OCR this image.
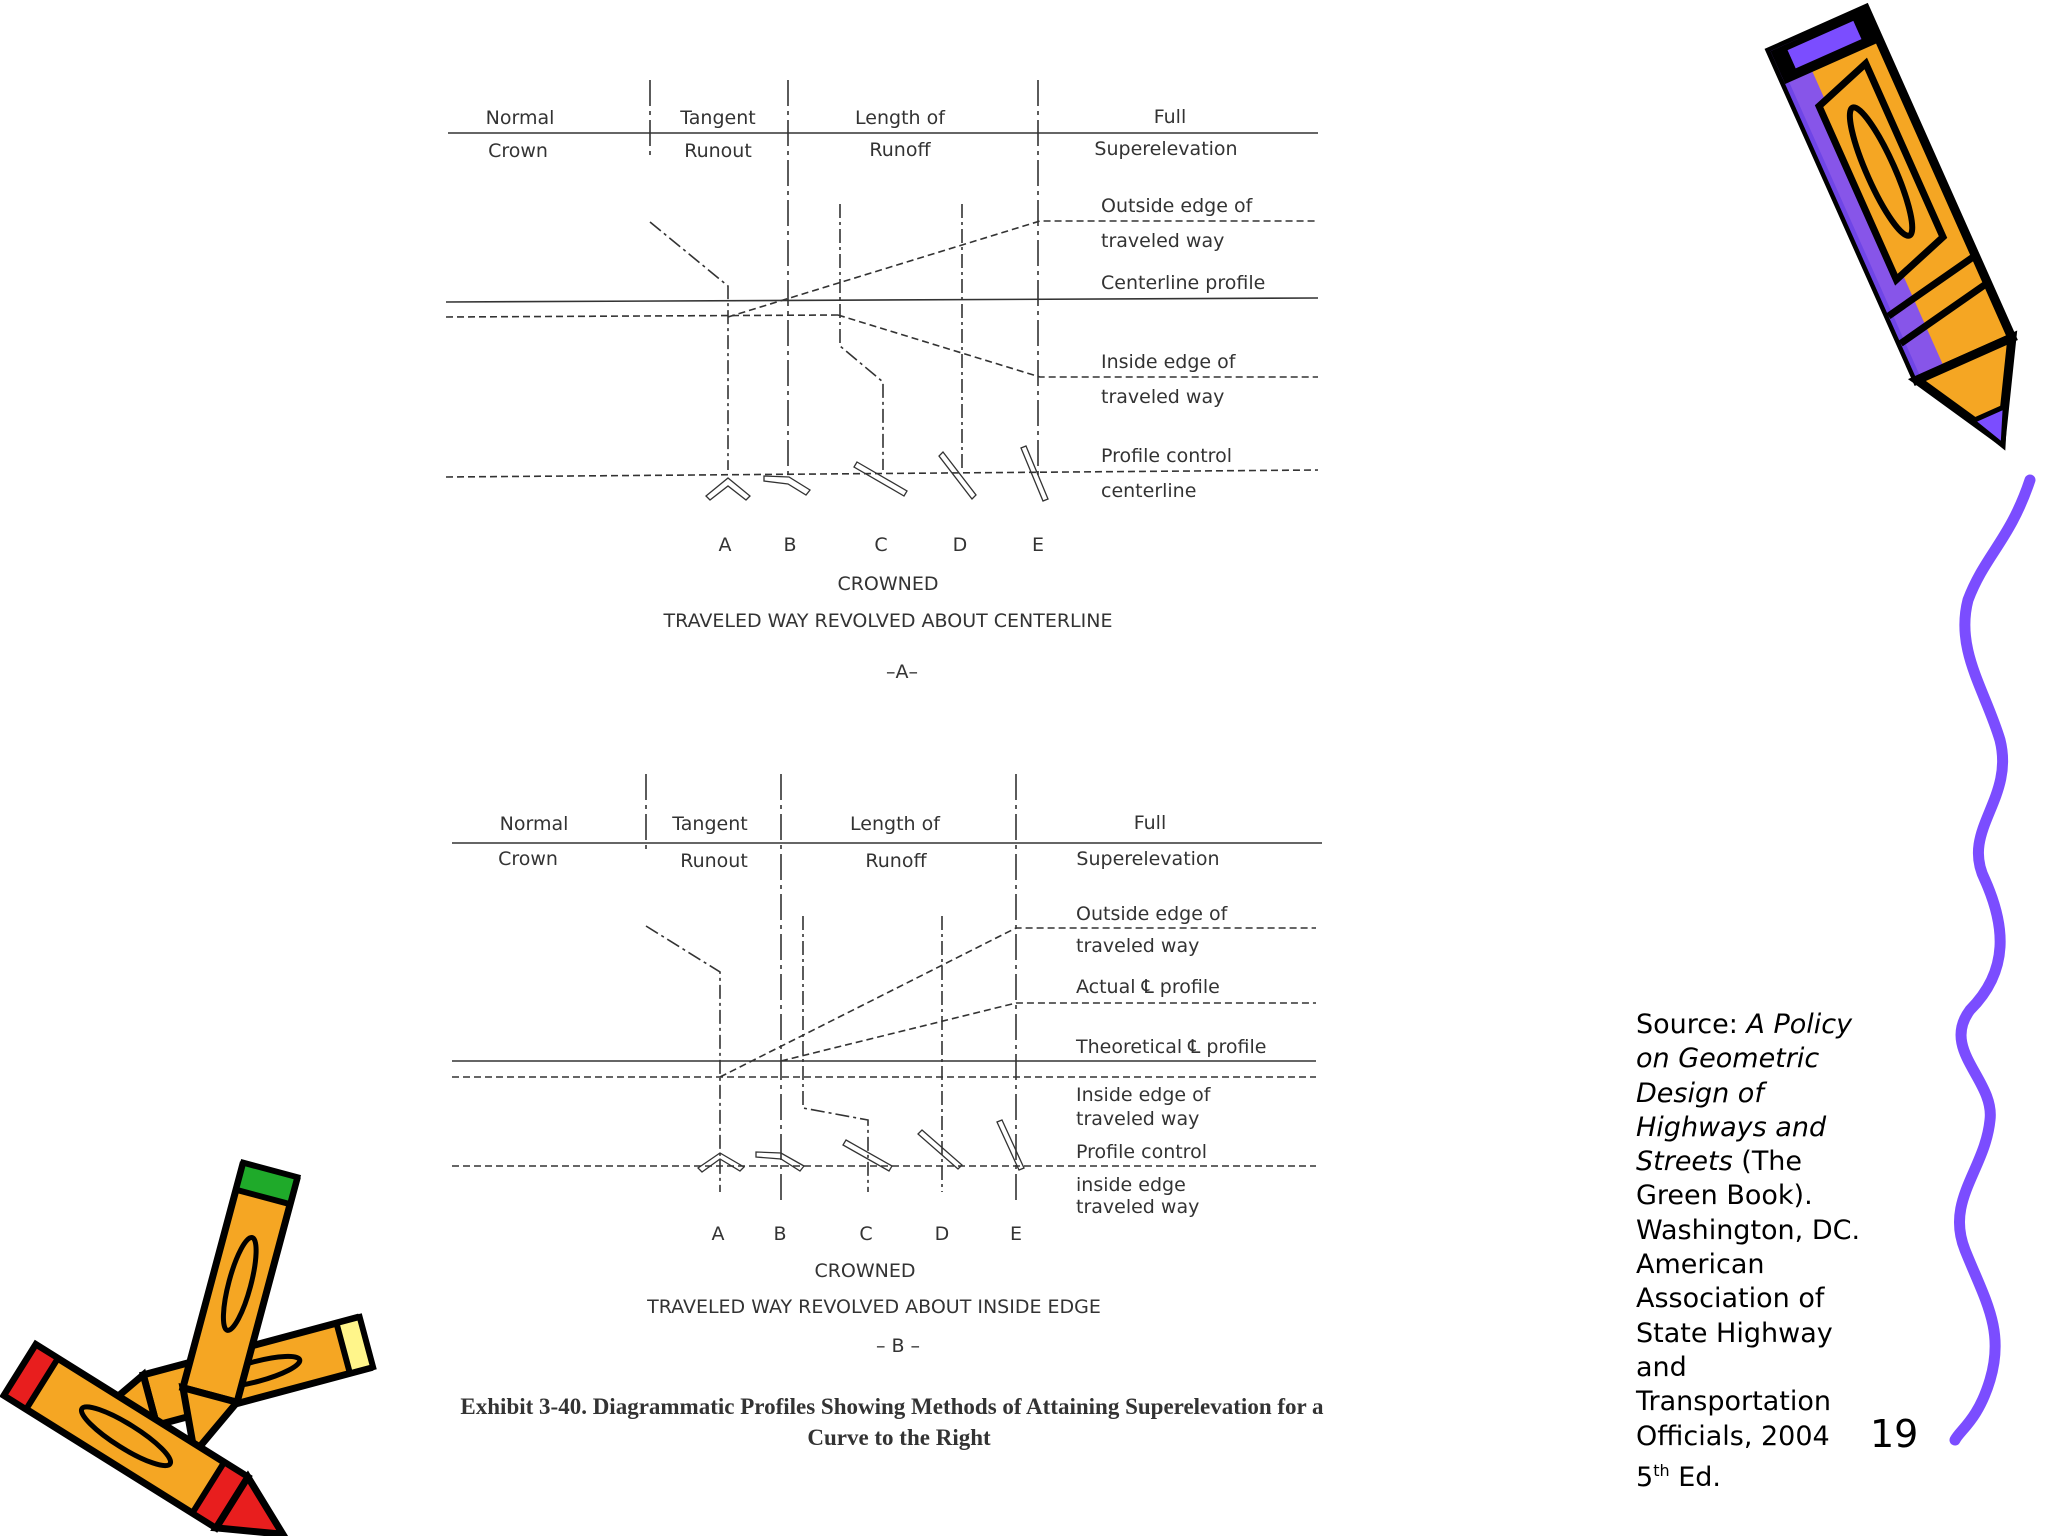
Normal
Crown
Tangent
Runout
Length of
Runoff
Full
Superelevation
Outside edge of
traveled way
Centerline profile
Inside edge of
traveled way
Profile control
centerline
A	B	C	D	E
CROWNED
TRAVELED WAY REVOLVED ABOUT CENTERLINE
–A–
Normal
Crown
Tangent
Runout
Length of
Runoff
Full
Superelevation
Outside edge of
traveled way
Actual ℄ profile
Theoretical ℄ profile
Inside edge of
traveled way
Profile control
inside edge
traveled way
A	B	C	D	E
CROWNED
TRAVELED WAY REVOLVED ABOUT INSIDE EDGE
– B –
Exhibit 3-40. Diagrammatic Profiles Showing Methods of Attaining Superelevation for a
Curve to the Right
Source: A Policy on Geometric Design of Highways and Streets (The Green Book). Washington, DC. American Association of State Highway and Transportation Officials, 2004 5th Ed.
19
